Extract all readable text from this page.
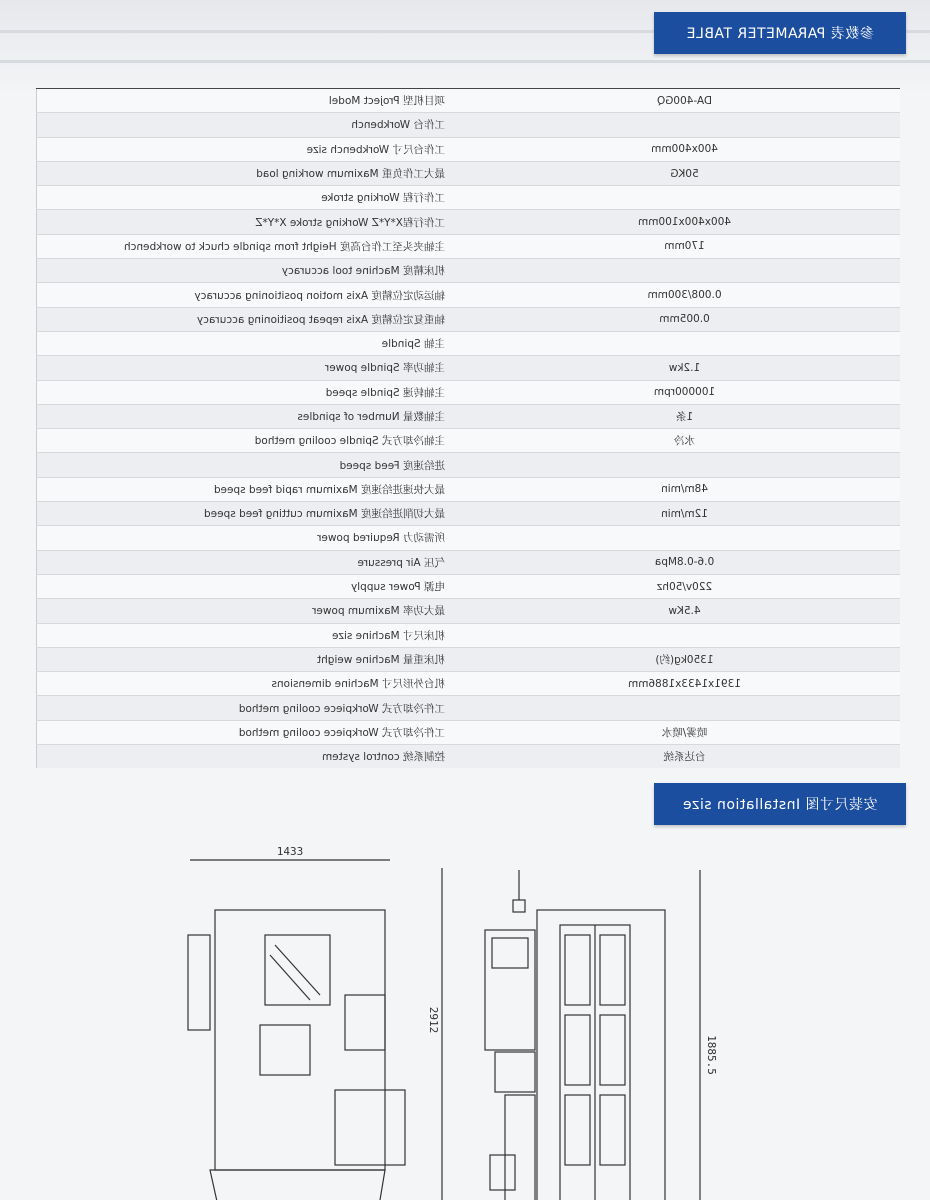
参数表 PARAMETER TABLE
DA-400GQ
项目机型 Project Model
工作台 Workbench
400x400mm
工作台尺寸 Workbench size
50KG
最大工作负重 Maximum working load
工作行程 Working stroke
400x400x100mm
工作行程X*Y*Z Working stroke X*Y*Z
170mm
主轴夹头至工作台高度 Height from spindle chuck to workbench
机床精度 Machine tool accuracy
0.008/300mm
轴运动定位精度 Axis motion positioning accuracy
0.005mm
轴重复定位精度 Axis repeat positioning accuracy
主轴 Spindle
1.2kw
主轴功率 Spindle power
100000rpm
主轴转速 Spindle speed
1条
主轴数量 Number of spindles
水冷
主轴冷却方式 Spindle cooling method
进给速度 Feed speed
48m/min
最大快速进给速度 Maximum rapid feed speed
12m/min
最大切削进给速度 Maximum cutting feed speed
所需动力 Required power
0.6-0.8Mpa
气压 Air pressure
220v/50hz
电源 Power supply
4.5Kw
最大功率 Maximum power
机床尺寸 Machine size
1350kg(约)
机床重量 Machine weight
1391x1433x1886mm
机台外形尺寸 Machine dimensions
工件冷却方式 Workpiece cooling method
喷雾/喷水
工件冷却方式 Workpiece cooling method
台达系统
控制系统 control system
安装尺寸图 Installation size
1433
1885.5
2912
